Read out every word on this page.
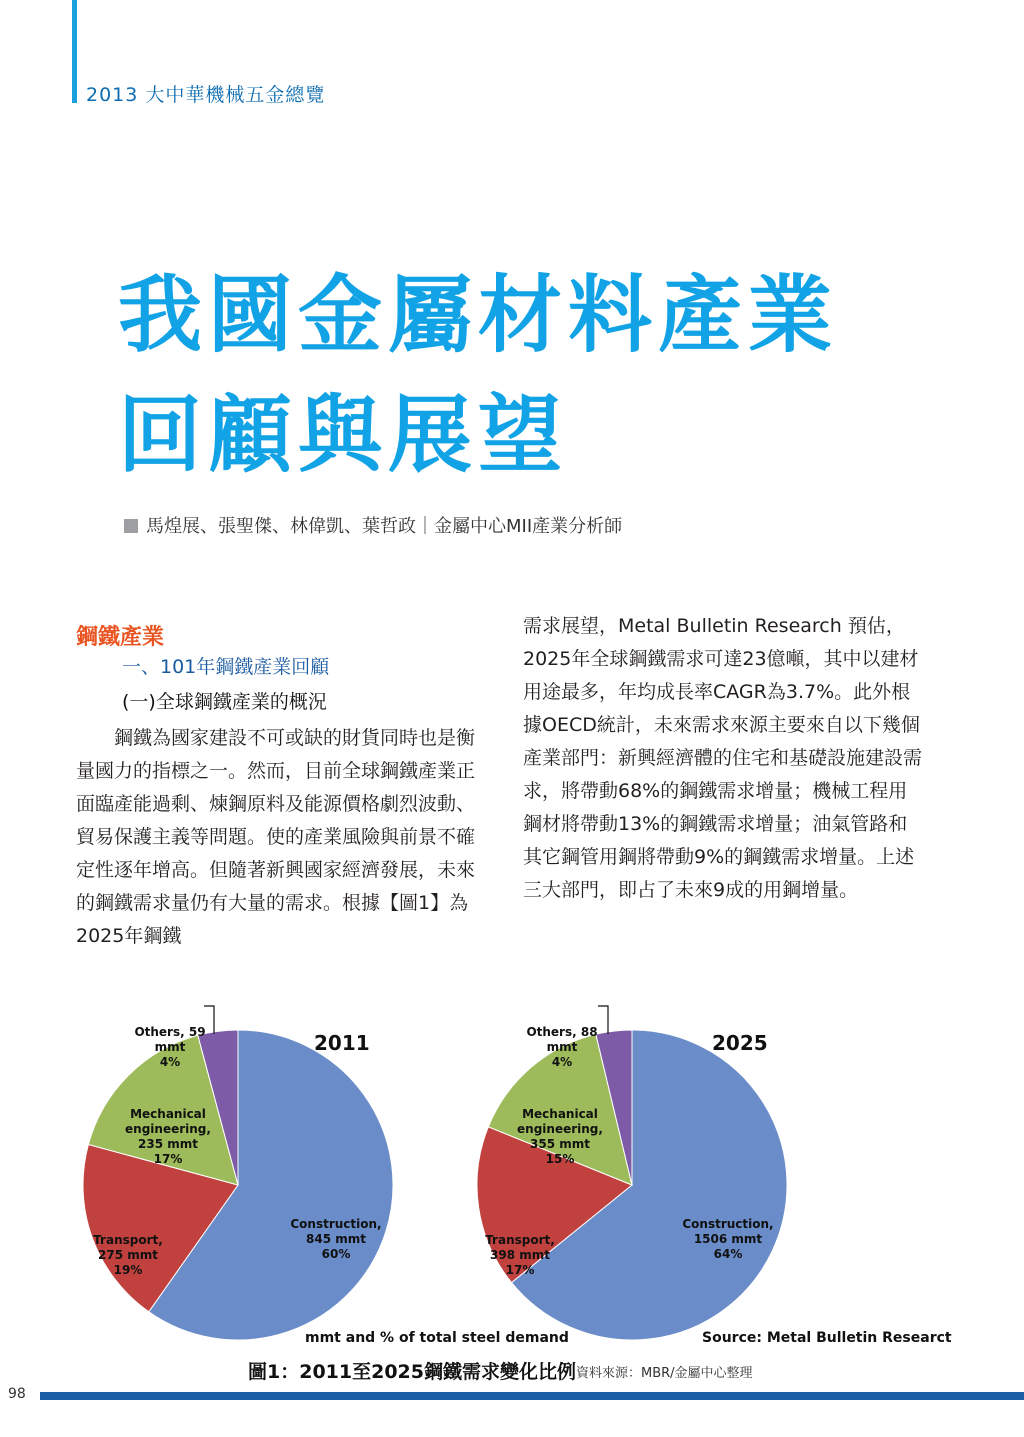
2013 大中華機械五金總覽
我國金屬材料產業
回顧與展望
馬煌展、張聖傑、林偉凱、葉哲政｜金屬中心MII產業分析師
鋼鐵產業
一、101年鋼鐵產業回顧
(一)全球鋼鐵產業的概況
鋼鐵為國家建設不可或缺的財貨同時也是衡量國力的指標之一。然而，目前全球鋼鐵產業正面臨產能過剩、煉鋼原料及能源價格劇烈波動、貿易保護主義等問題。使的產業風險與前景不確定性逐年增高。但隨著新興國家經濟發展，未來的鋼鐵需求量仍有大量的需求。根據【圖1】為2025年鋼鐵
需求展望，Metal Bulletin Research 預估，2025年全球鋼鐵需求可達23億噸，其中以建材用途最多，年均成長率CAGR為3.7%。此外根據OECD統計，未來需求來源主要來自以下幾個產業部門：新興經濟體的住宅和基礎設施建設需求，將帶動68%的鋼鐵需求增量；機械工程用鋼材將帶動13%的鋼鐵需求增量；油氣管路和其它鋼管用鋼將帶動9%的鋼鐵需求增量。上述三大部門，即占了未來9成的用鋼增量。
2011
Construction,
845 mmt
60%
Transport,
275 mmt
19%
Mechanical
engineering,
235 mmt
17%
Others, 59
mmt
4%
2025
Construction,
1506 mmt
64%
Transport,
398 mmt
17%
Mechanical
engineering,
355 mmt
15%
Others, 88
mmt
4%
mmt and % of total steel demand	Source: Metal Bulletin Researct
圖1：2011至2025鋼鐵需求變化比例 資料來源：MBR/金屬中心整理
98
